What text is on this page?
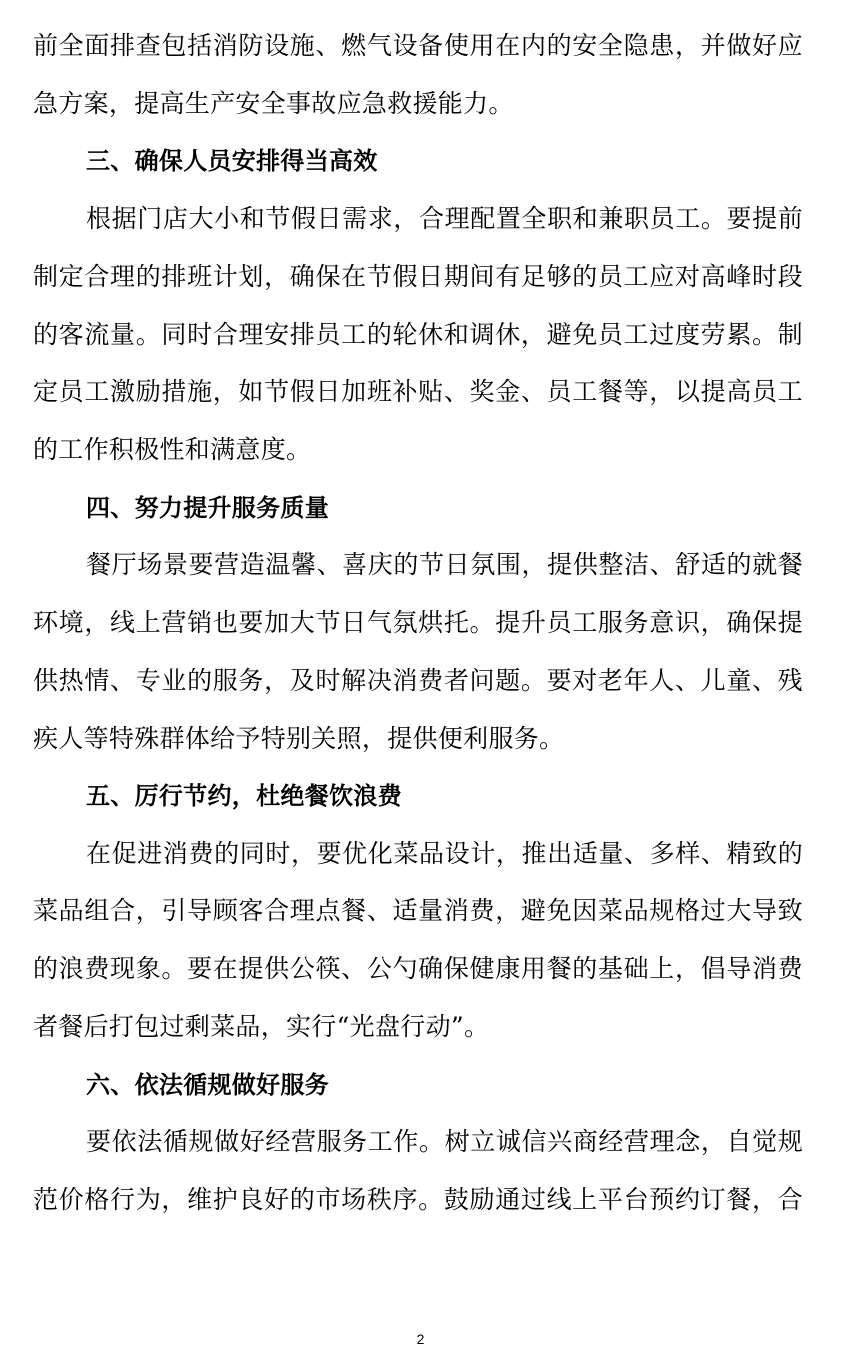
前全面排查包括消防设施、燃气设备使用在内的安全隐患，并做好应
急方案，提高生产安全事故应急救援能力。
三、确保人员安排得当高效
根据门店大小和节假日需求，合理配置全职和兼职员工。要提前
制定合理的排班计划，确保在节假日期间有足够的员工应对高峰时段
的客流量。同时合理安排员工的轮休和调休，避免员工过度劳累。制
定员工激励措施，如节假日加班补贴、奖金、员工餐等，以提高员工
的工作积极性和满意度。
四、努力提升服务质量
餐厅场景要营造温馨、喜庆的节日氛围，提供整洁、舒适的就餐
环境，线上营销也要加大节日气氛烘托。提升员工服务意识，确保提
供热情、专业的服务，及时解决消费者问题。要对老年人、儿童、残
疾人等特殊群体给予特别关照，提供便利服务。
五、厉行节约，杜绝餐饮浪费
在促进消费的同时，要优化菜品设计，推出适量、多样、精致的
菜品组合，引导顾客合理点餐、适量消费，避免因菜品规格过大导致
的浪费现象。要在提供公筷、公勺确保健康用餐的基础上，倡导消费
者餐后打包过剩菜品，实行“光盘行动”。
六、依法循规做好服务
要依法循规做好经营服务工作。树立诚信兴商经营理念，自觉规
范价格行为，维护良好的市场秩序。鼓励通过线上平台预约订餐，合
2
